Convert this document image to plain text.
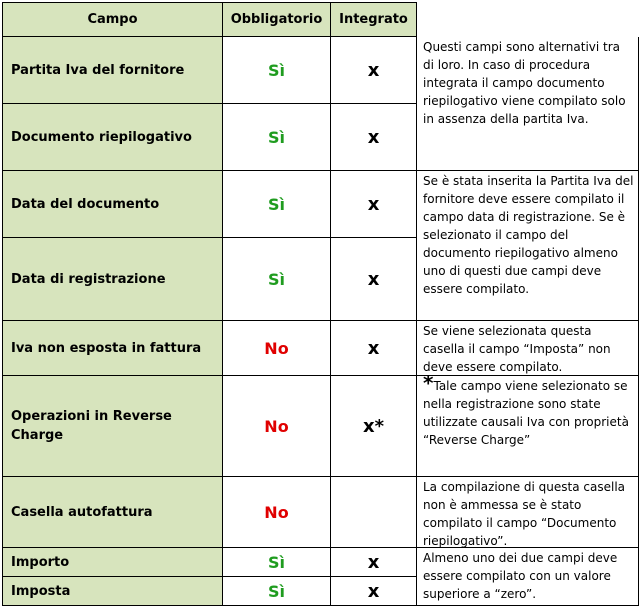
Campo	Obbligatorio	Integrato
Partita Iva del fornitore	Sì	x
Questi campi sono alternativi tra di loro. In caso di procedura integrata il campo documento riepilogativo viene compilato solo in assenza della partita Iva.
Documento riepilogativo	Sì	x
Data del documento	Sì	x
Se è stata inserita la Partita Iva del fornitore deve essere compilato il campo data di registrazione. Se è selezionato il campo del documento riepilogativo almeno uno di questi due campi deve essere compilato.
Data di registrazione	Sì	x
Iva non esposta in fattura	No	x
Se viene selezionata questa casella il campo “Imposta” non deve essere compilato.
Operazioni in Reverse Charge	No	x*
*Tale campo viene selezionato se nella registrazione sono state utilizzate causali Iva con proprietà “Reverse Charge”
Casella autofattura	No
La compilazione di questa casella non è ammessa se è stato compilato il campo “Documento riepilogativo”.
Importo	Sì	x	Almeno uno dei due campi deve essere compilato con un valore superiore a “zero”.
Imposta	Sì	x
